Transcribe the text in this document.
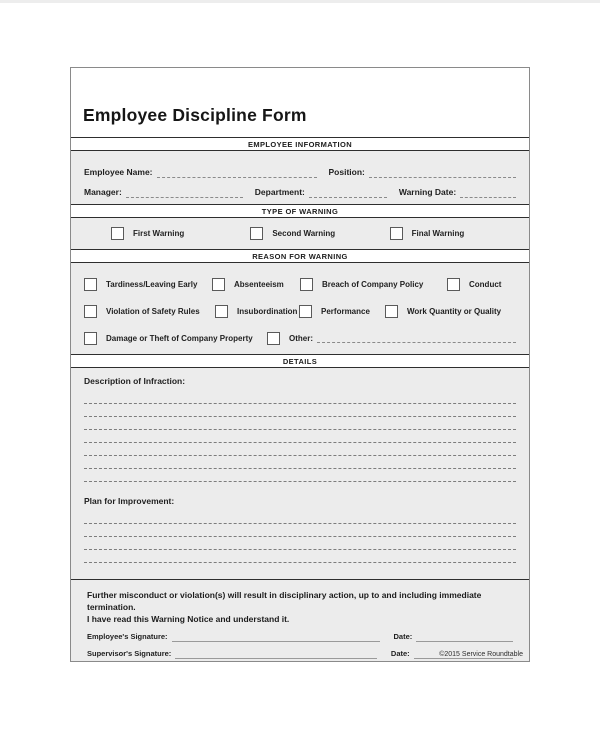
Employee Discipline Form
EMPLOYEE INFORMATION
Employee Name:	Position:
Manager:	Department:	Warning Date:
TYPE OF WARNING
First Warning	Second Warning	Final Warning
REASON FOR WARNING
Tardiness/Leaving Early	Absenteeism	Breach of Company Policy	Conduct
Violation of Safety Rules	Insubordination	Performance	Work Quantity or Quality
Damage or Theft of Company Property	Other:
DETAILS
Description of Infraction:
Plan for Improvement:
Further misconduct or violation(s) will result in disciplinary action, up to and including immediate termination.
I have read this Warning Notice and understand it.
Employee's Signature:	Date:
Supervisor's Signature:	Date:	©2015 Service Roundtable
